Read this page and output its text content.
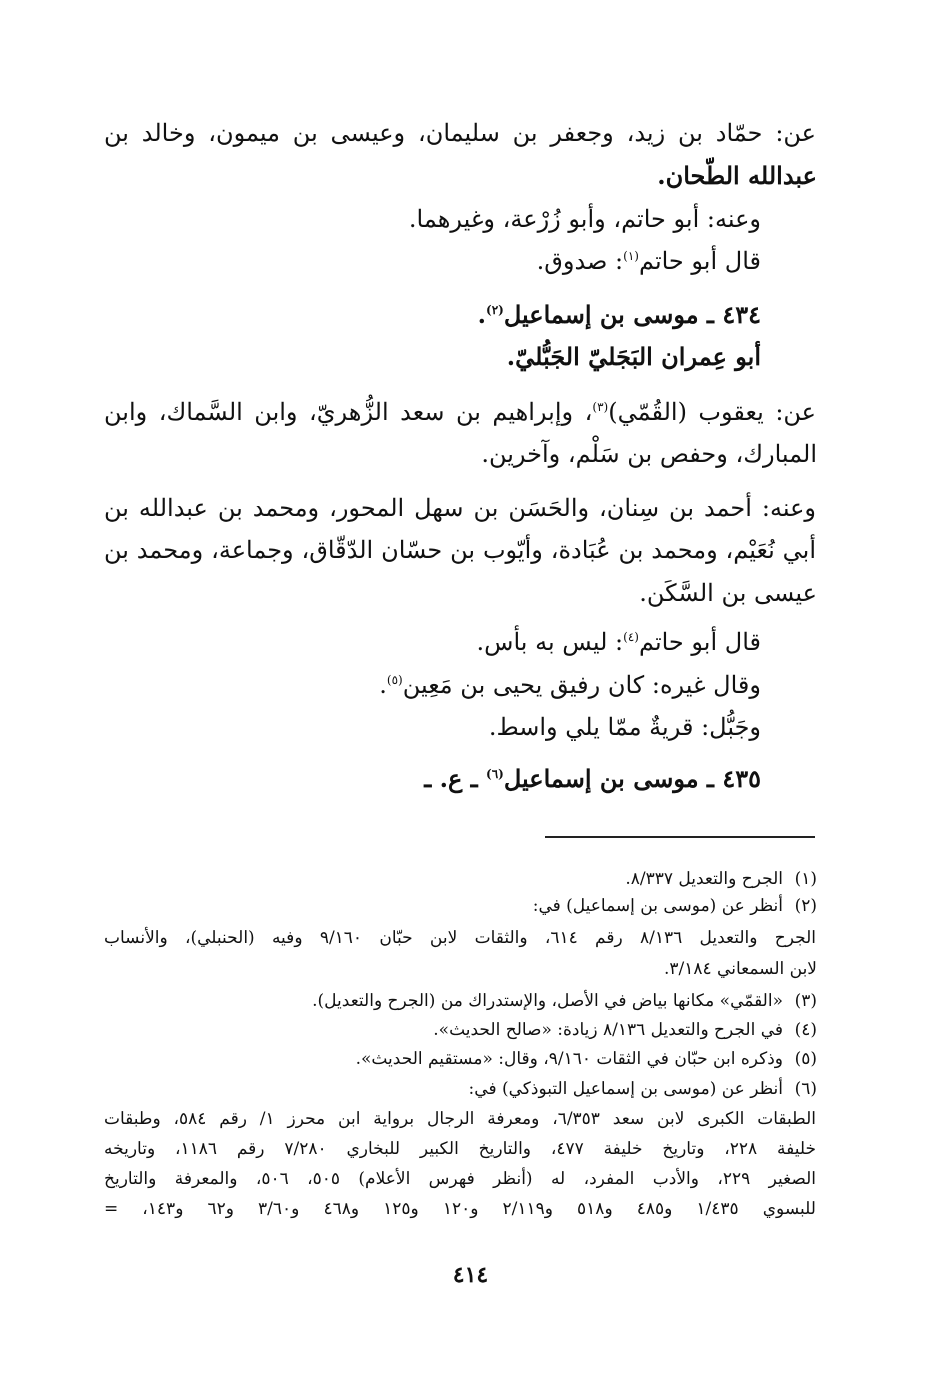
عن: حمّاد بن زيد، وجعفر بن سليمان، وعيسى بن ميمون، وخالد بن
عبدالله الطّحان.
وعنه: أبو حاتم، وأبو زُرْعة، وغيرهما.
قال أبو حاتم$^{(١)}$: صدوق.
٤٣٤ ـ موسى بن إسماعيل$^{(٢)}$.
أبو عِمران البَجَليّ الجَبُّليّ.
عن: يعقوب (القُمّي)$^{(٣)}$، وإبراهيم بن سعد الزُّهريّ، وابن السَّماك، وابن
المبارك، وحفص بن سَلْم، وآخرين.
وعنه: أحمد بن سِنان، والحَسَن بن سهل المحور، ومحمد بن عبدالله بن
أبي نُعَيْم، ومحمد بن عُبَادة، وأيّوب بن حسّان الدّقّاق، وجماعة، ومحمد بن
عيسى بن السَّكَن.
قال أبو حاتم$^{(٤)}$: ليس به بأس.
وقال غيره: كان رفيق يحيى بن مَعِين$^{(٥)}$.
وجَبُّل: قريةٌ ممّا يلي واسط.
٤٣٥ ـ موسى بن إسماعيل$^{(٦)}$ ـ ع. ـ
(١)الجرح والتعديل ٨/٣٣٧.
(٢)أنظر عن (موسى بن إسماعيل) في:
الجرح والتعديل ٨/١٣٦ رقم ٦١٤، والثقات لابن حبّان ٩/١٦٠ وفيه (الحنبلي)، والأنساب
لابن السمعاني ٣/١٨٤.
(٣)«القمّي» مكانها بياض في الأصل، والإستدراك من (الجرح والتعديل).
(٤)في الجرح والتعديل ٨/١٣٦ زيادة: «صالح الحديث».
(٥)وذكره ابن حبّان في الثقات ٩/١٦٠، وقال: «مستقيم الحديث».
(٦)أنظر عن (موسى بن إسماعيل التبوذكي) في:
الطبقات الكبرى لابن سعد ٦/٣٥٣، ومعرفة الرجال برواية ابن محرز ١/ رقم ٥٨٤، وطبقات
خليفة ٢٢٨، وتاريخ خليفة ٤٧٧، والتاريخ الكبير للبخاري ٧/٢٨٠ رقم ١١٨٦، وتاريخه
الصغير ٢٢٩، والأدب المفرد، له (أنظر فهرس الأعلام) ٥٠٥، ٥٠٦، والمعرفة والتاريخ
للبسوي ١/٤٣٥ و٤٨٥ و٥١٨ و٢/١١٩ و١٢٠ و١٢٥ و٤٦٨ و٣/٦٠ و٦٢ و١٤٣، =
٤١٤
